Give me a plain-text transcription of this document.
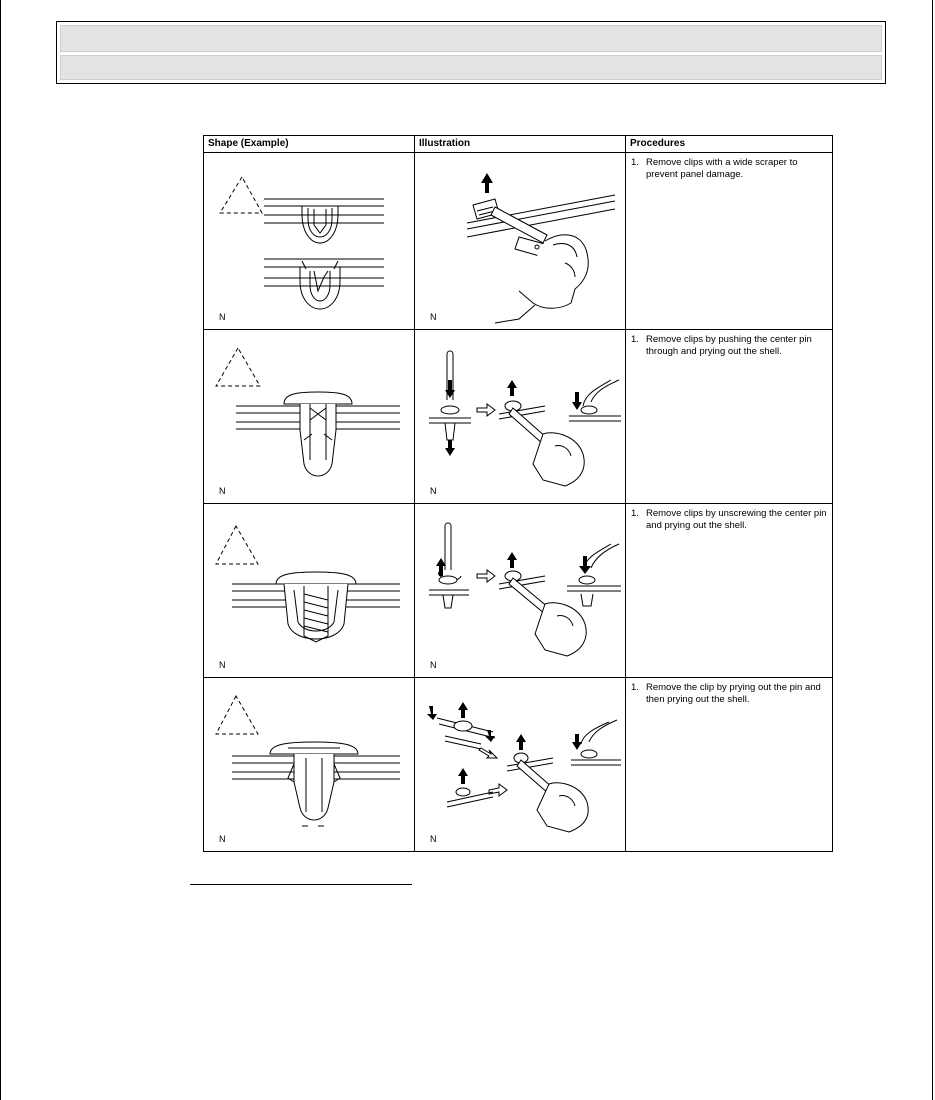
Shape (Example)	Illustration	Procedures

N	N	1. Remove clips with a wide scraper to prevent panel damage.

N	N	1. Remove clips by pushing the center pin through and prying out the shell.

N	N	1. Remove clips by unscrewing the center pin and prying out the shell.

N	N	1. Remove the clip by prying out the pin and then prying out the shell.
